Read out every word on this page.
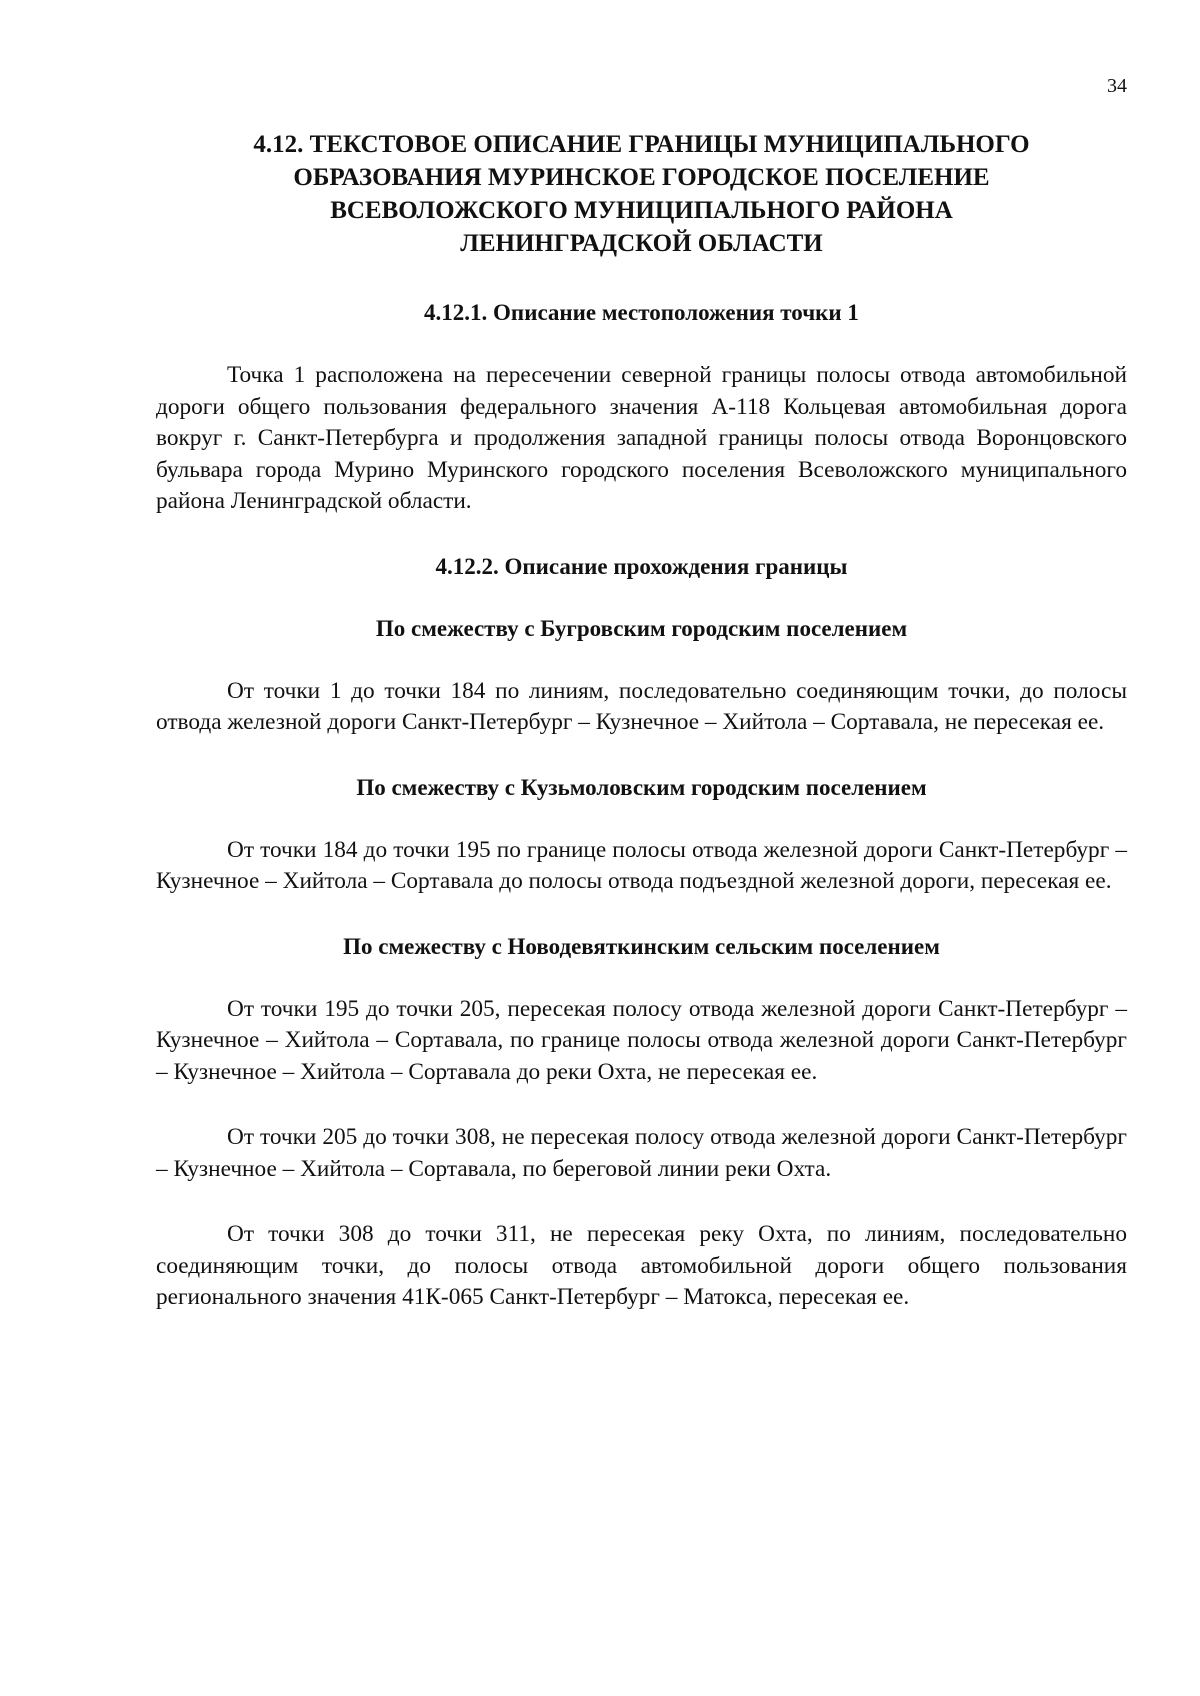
34
4.12. ТЕКСТОВОЕ ОПИСАНИЕ ГРАНИЦЫ МУНИЦИПАЛЬНОГО
ОБРАЗОВАНИЯ МУРИНСКОЕ ГОРОДСКОЕ ПОСЕЛЕНИЕ
ВСЕВОЛОЖСКОГО МУНИЦИПАЛЬНОГО РАЙОНА
ЛЕНИНГРАДСКОЙ ОБЛАСТИ
4.12.1. Описание местоположения точки 1

Точка 1 расположена на пересечении северной границы полосы отвода автомобильной дороги общего пользования федерального значения А-118 Кольцевая автомобильная дорога вокруг г. Санкт-Петербурга и продолжения западной границы полосы отвода Воронцовского бульвара города Мурино Муринского городского поселения Всеволожского муниципального района Ленинградской области.

4.12.2. Описание прохождения границы
По смежеству с Бугровским городским поселением

От точки 1 до точки 184 по линиям, последовательно соединяющим точки, до полосы отвода железной дороги Санкт-Петербург – Кузнечное – Хийтола – Сортавала, не пересекая ее.

По смежеству с Кузьмоловским городским поселением

От точки 184 до точки 195 по границе полосы отвода железной дороги Санкт-Петербург – Кузнечное – Хийтола – Сортавала до полосы отвода подъездной железной дороги, пересекая ее.

По смежеству с Новодевяткинским сельским поселением

От точки 195 до точки 205, пересекая полосу отвода железной дороги Санкт-Петербург – Кузнечное – Хийтола – Сортавала, по границе полосы отвода железной дороги Санкт-Петербург – Кузнечное – Хийтола – Сортавала до реки Охта, не пересекая ее.

От точки 205 до точки 308, не пересекая полосу отвода железной дороги Санкт-Петербург – Кузнечное – Хийтола – Сортавала, по береговой линии реки Охта.

От точки 308 до точки 311, не пересекая реку Охта, по линиям, последовательно соединяющим точки, до полосы отвода автомобильной дороги общего пользования регионального значения 41К-065 Санкт-Петербург – Матокса, пересекая ее.
